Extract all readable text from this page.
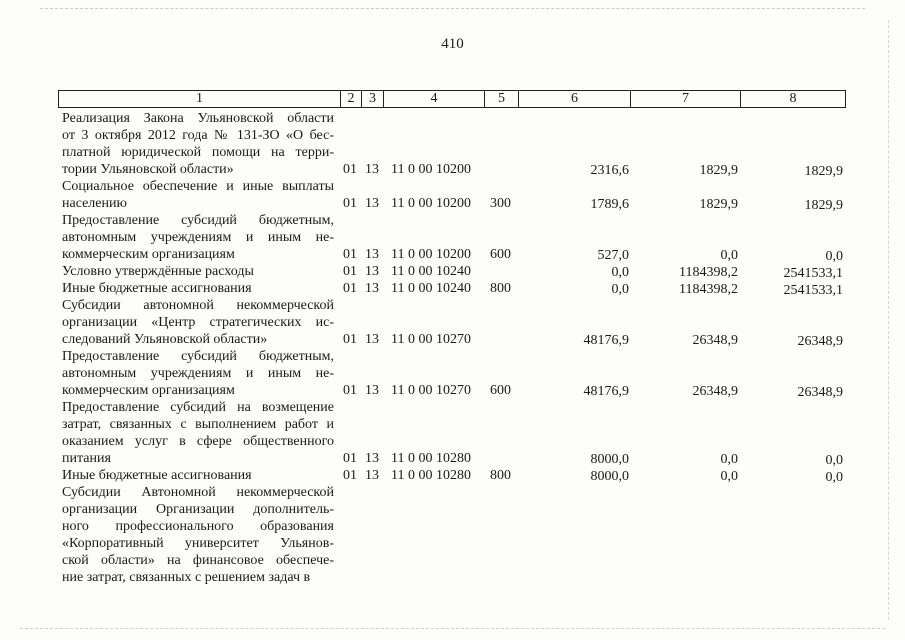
410
1	2	3	4	5	6	7	8
Реализация Закона Ульяновской области
от 3 октября 2012 года № 131-ЗО «О бес-
платной юридической помощи на терри-
тории Ульяновской области»	01 13 11 0 00 10200	2316,6	1829,9	1829,9
Социальное обеспечение и иные выплаты
населению	01 13 11 0 00 10200 300	1789,6	1829,9	1829,9
Предоставление субсидий бюджетным,
автономным учреждениям и иным не-
коммерческим организациям	01 13 11 0 00 10200 600	527,0	0,0	0,0
Условно утверждённые расходы	01 13 11 0 00 10240	0,0	1184398,2	2541533,1
Иные бюджетные ассигнования	01 13 11 0 00 10240 800	0,0	1184398,2	2541533,1
Субсидии автономной некоммерческой
организации «Центр стратегических ис-
следований Ульяновской области»	01 13 11 0 00 10270	48176,9	26348,9	26348,9
Предоставление субсидий бюджетным,
автономным учреждениям и иным не-
коммерческим организациям	01 13 11 0 00 10270 600	48176,9	26348,9	26348,9
Предоставление субсидий на возмещение
затрат, связанных с выполнением работ и
оказанием услуг в сфере общественного
питания	01 13 11 0 00 10280	8000,0	0,0	0,0
Иные бюджетные ассигнования	01 13 11 0 00 10280 800	8000,0	0,0	0,0
Субсидии Автономной некоммерческой
организации Организации дополнитель-
ного профессионального образования
«Корпоративный университет Ульянов-
ской области» на финансовое обеспече-
ние затрат, связанных с решением задач в
